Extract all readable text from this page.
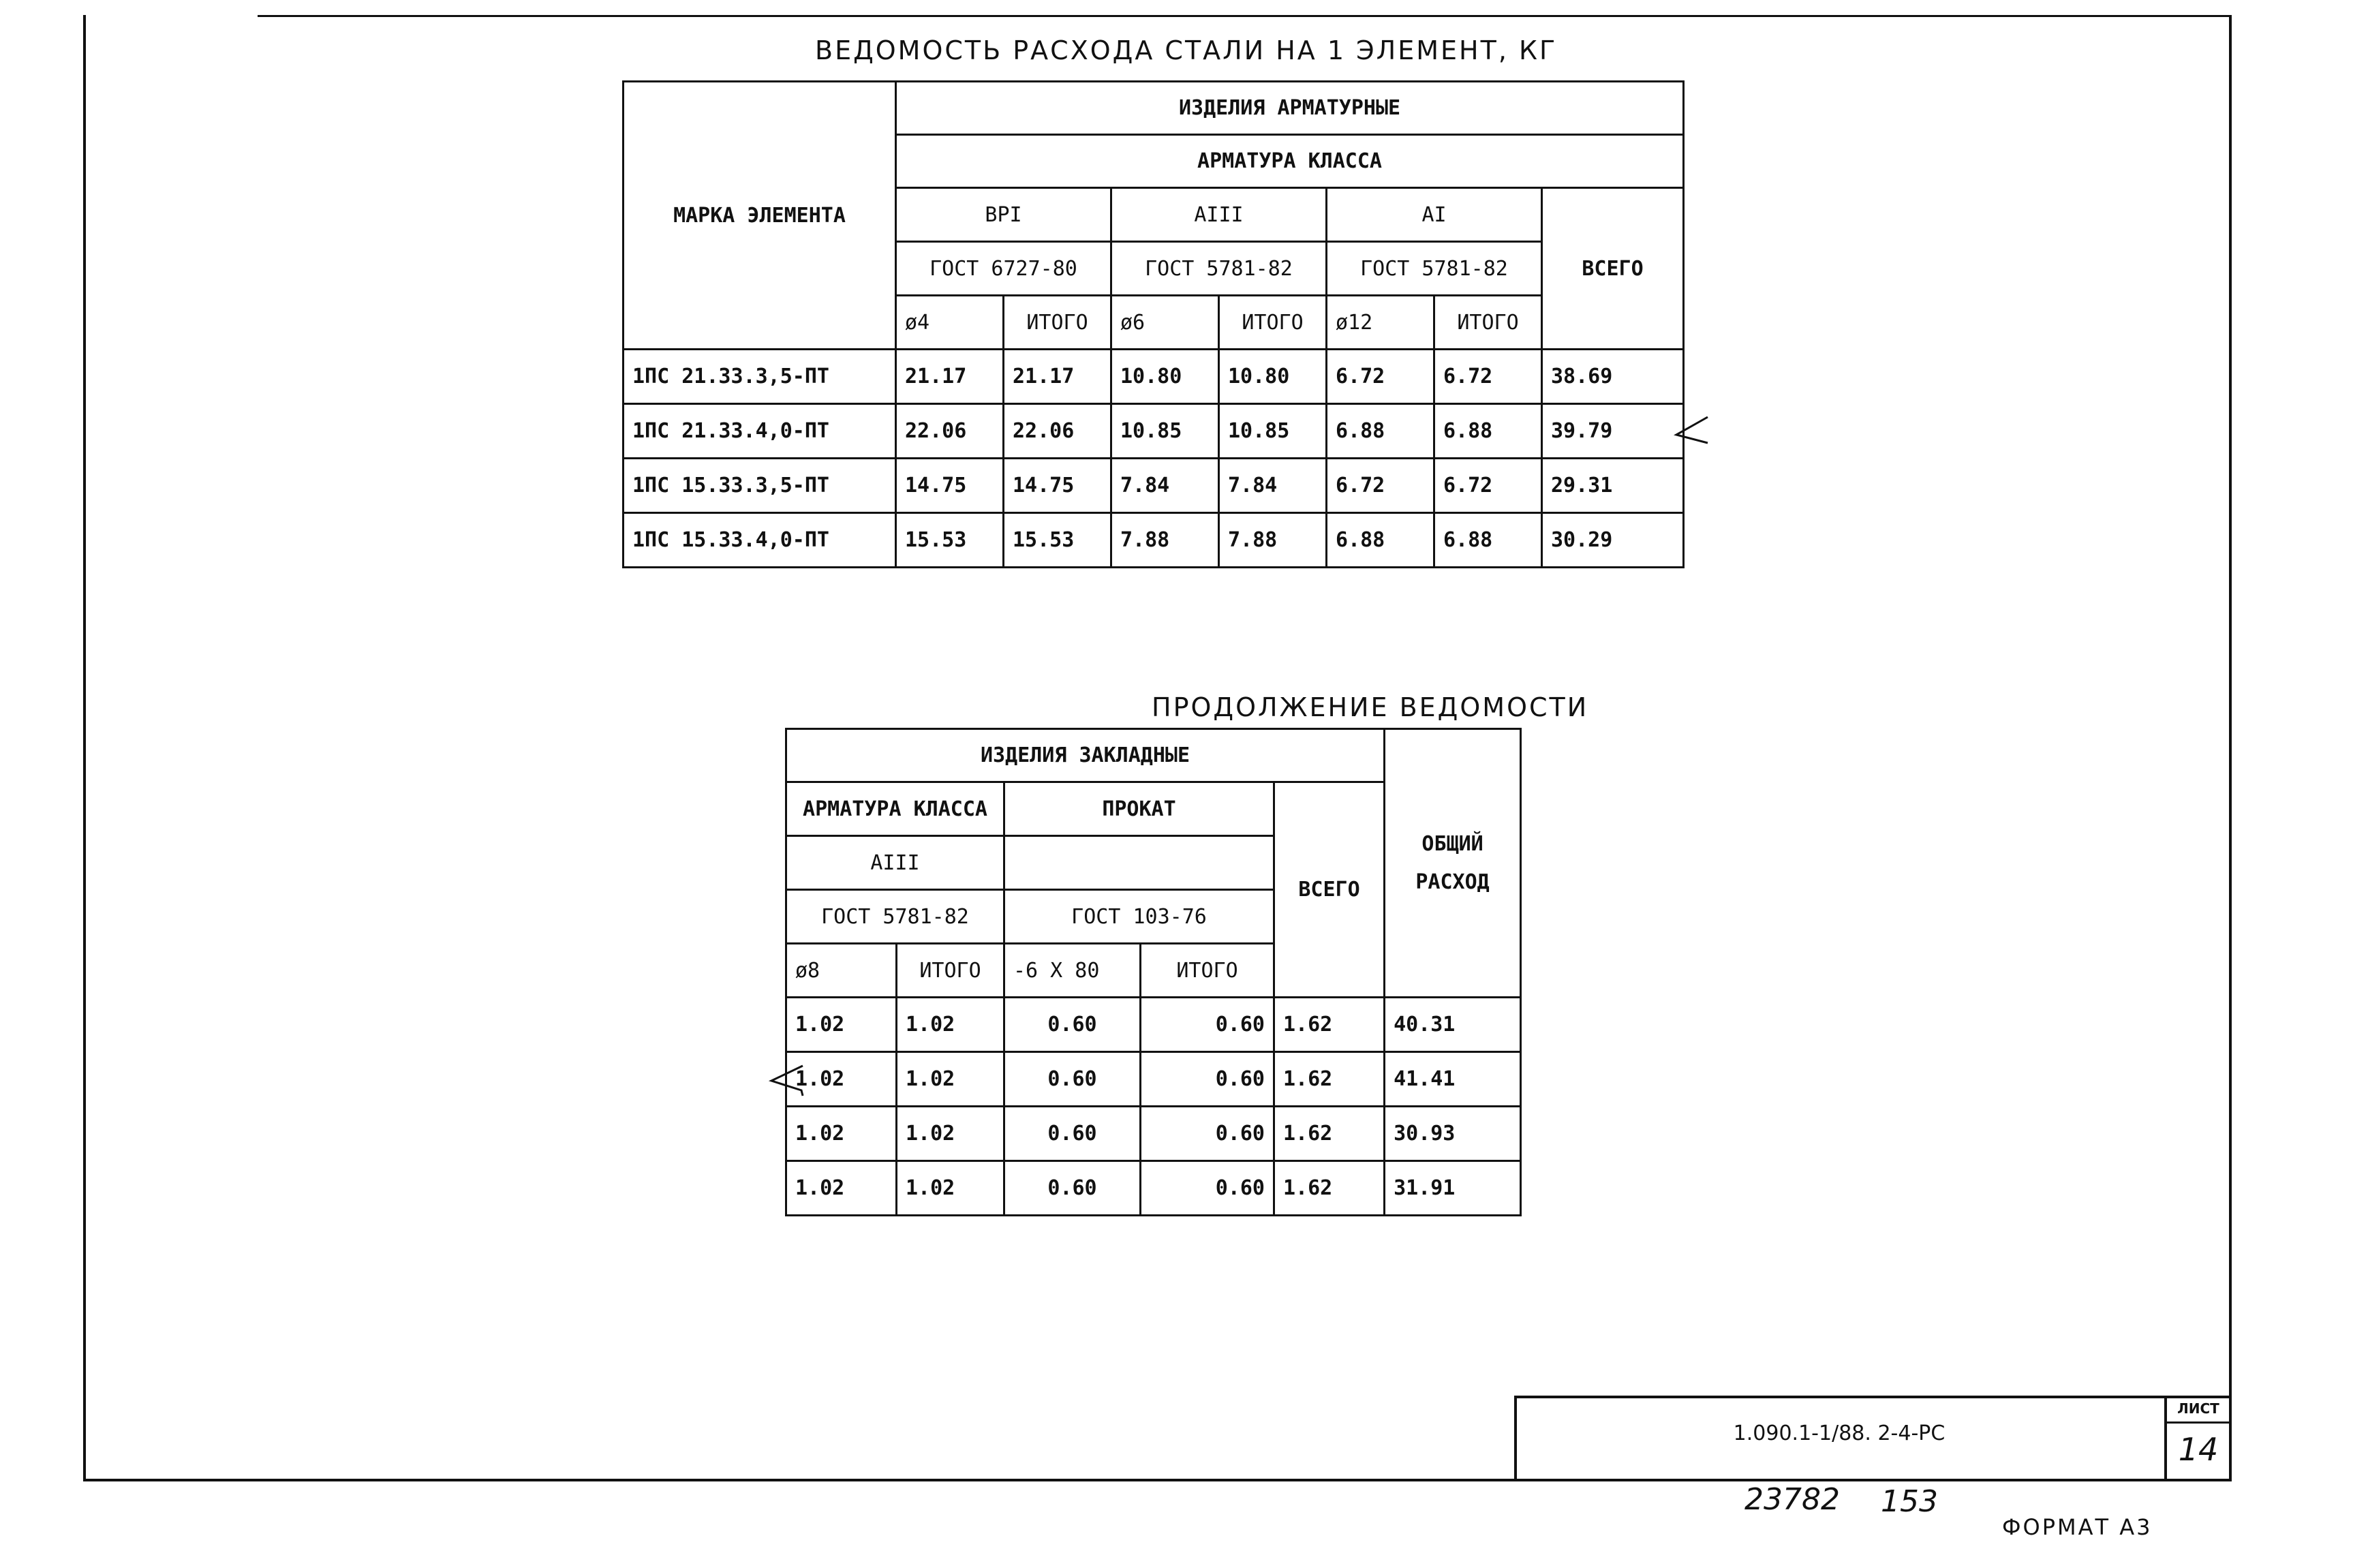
ВЕДОМОСТЬ РАСХОДА СТАЛИ НА 1 ЭЛЕМЕНТ, КГ
МАРКА ЭЛЕМЕНТА	ИЗДЕЛИЯ АРМАТУРНЫЕ						
	АРМАТУРА КЛАССА						
	ВРI		АIII		АI		ВСЕГО
	ГОСТ 6727-80		ГОСТ 5781-82		ГОСТ 5781-82		
	ø4	ИТОГО	ø6	ИТОГО	ø12	ИТОГО	
1ПС 21.33.3,5-ПТ	21.17	21.17	10.80	10.80	6.72	6.72	38.69
1ПС 21.33.4,0-ПТ	22.06	22.06	10.85	10.85	6.88	6.88	39.79
1ПС 15.33.3,5-ПТ	14.75	14.75	7.84	7.84	6.72	6.72	29.31
1ПС 15.33.4,0-ПТ	15.53	15.53	7.88	7.88	6.88	6.88	30.29
ПРОДОЛЖЕНИЕ ВЕДОМОСТИ
ИЗДЕЛИЯ ЗАКЛАДНЫЕ					ОБЩИЙ
РАСХОД
АРМАТУРА КЛАССА		ПРОКАТ		ВСЕГО	
АIII					
ГОСТ 5781-82		ГОСТ 103-76			
ø8	ИТОГО	-6 Х 80	ИТОГО		
1.02	1.02	0.60	0.60	1.62	40.31
1.02	1.02	0.60	0.60	1.62	41.41
1.02	1.02	0.60	0.60	1.62	30.93
1.02	1.02	0.60	0.60	1.62	31.91
1.090.1-1/88. 2-4-РС
ЛИСТ
14
23782 153
ФОРМАТ А3
